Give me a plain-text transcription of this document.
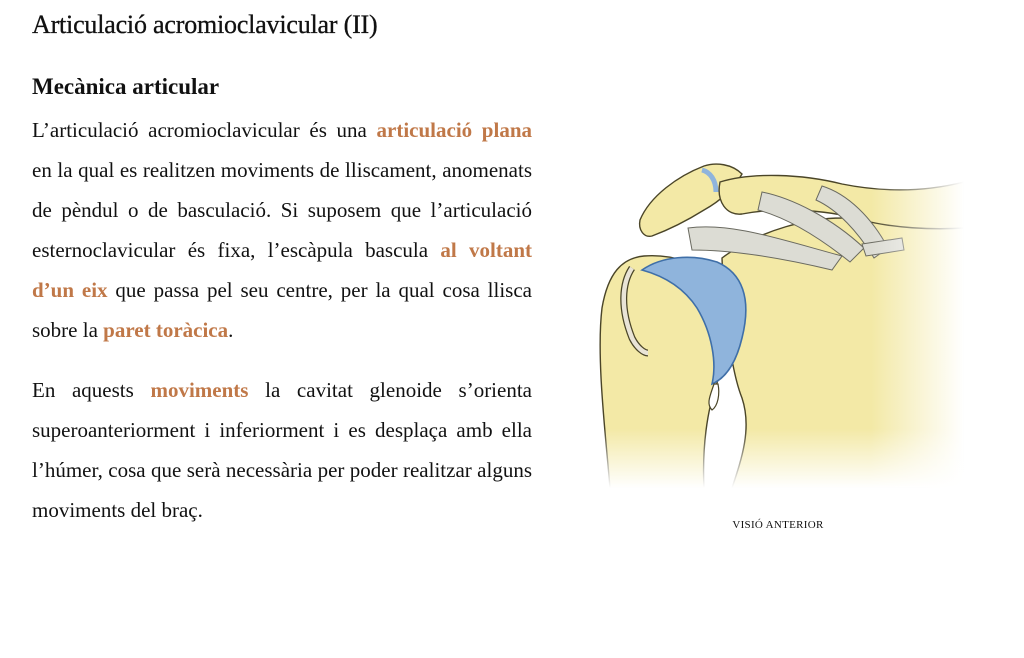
Articulació acromioclavicular (II)
Mecànica articular

L’articulació acromioclavicular és una articulació plana en la qual es realitzen moviments de lliscament, anomenats de pèndul o de basculació. Si suposem que l’articulació esternoclavicular és fixa, l’escàpula bascula al voltant d’un eix que passa pel seu centre, per la qual cosa llisca sobre la paret toràcica.

En aquests moviments la cavitat glenoide s’orienta superoanteriorment i inferiorment i es desplaça amb ella l’húmer, cosa que serà necessària per poder realitzar alguns moviments del braç.

VISIÓ ANTERIOR
